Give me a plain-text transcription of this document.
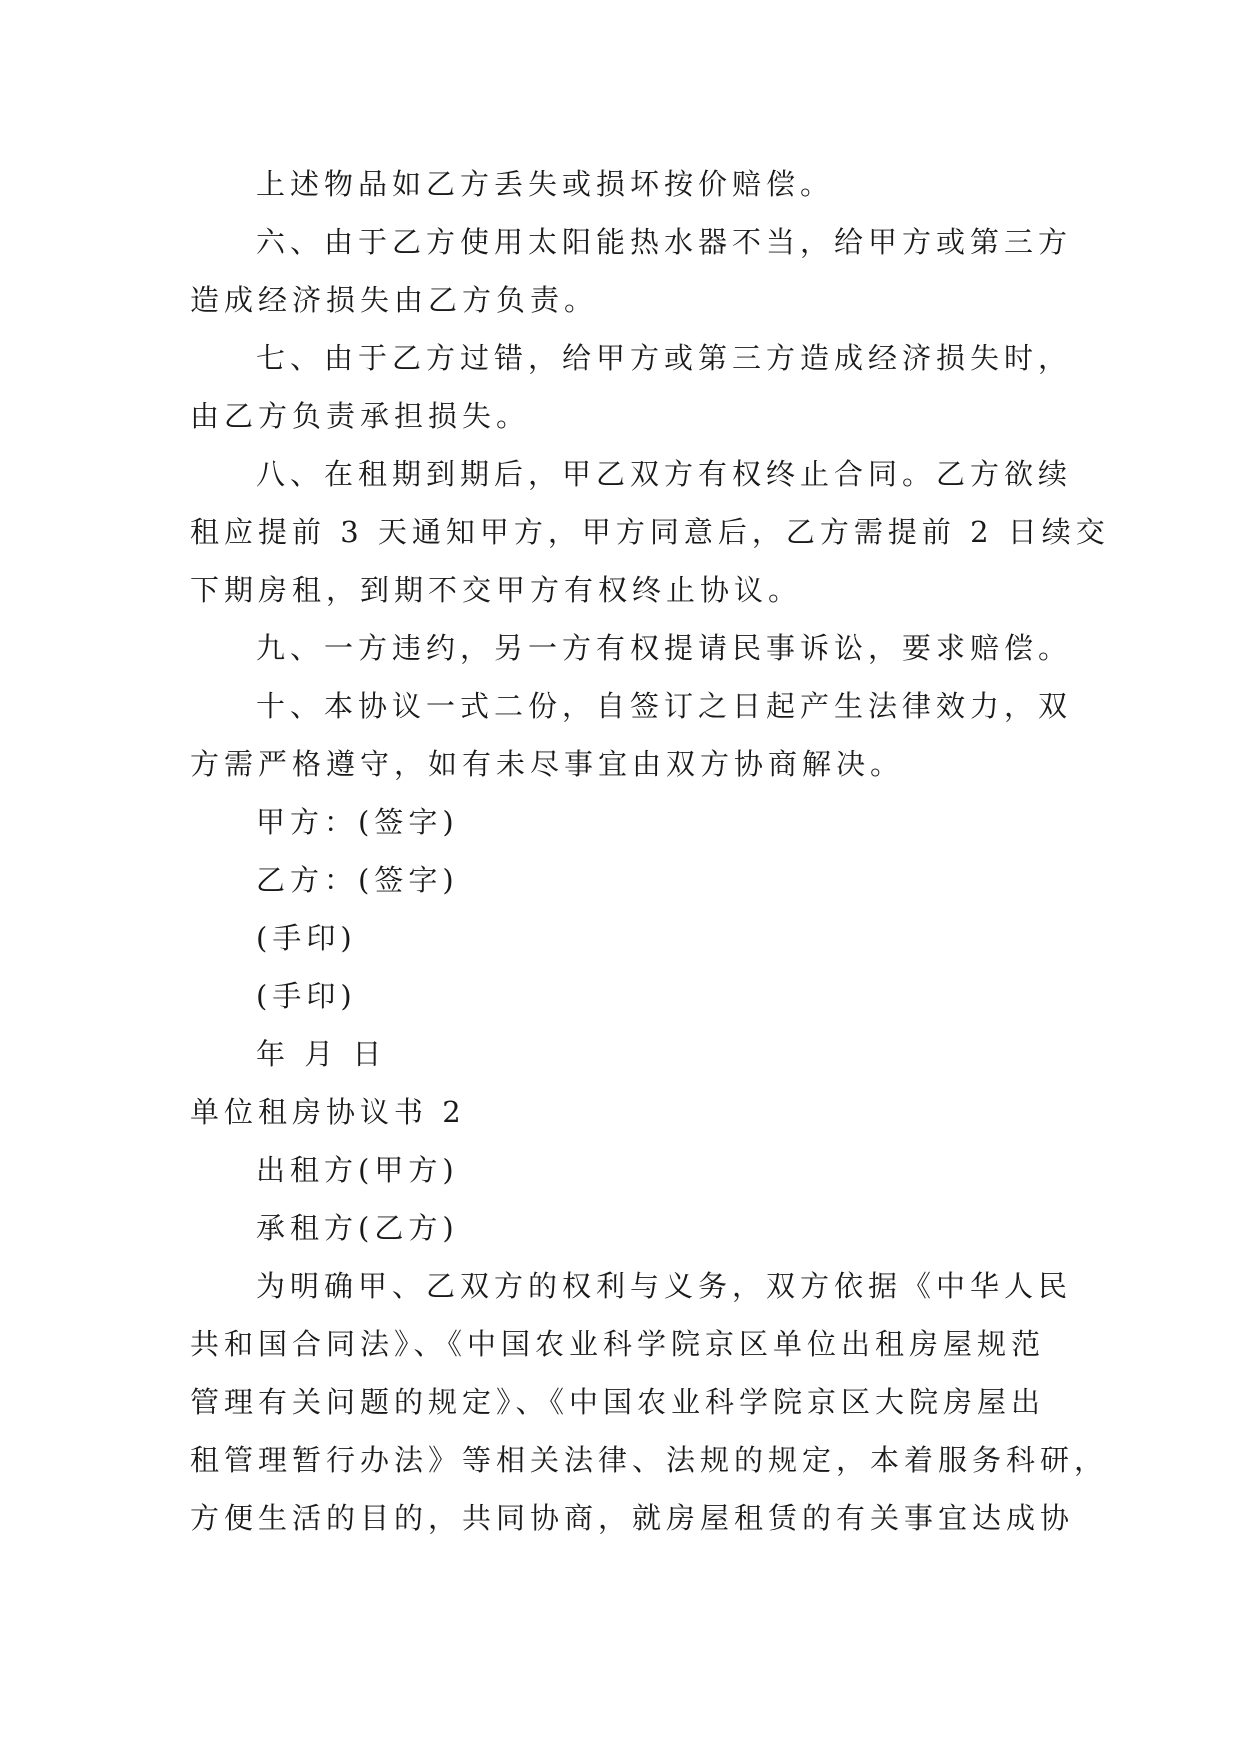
上述物品如乙方丢失或损坏按价赔偿。

六、由于乙方使用太阳能热水器不当，给甲方或第三方

造成经济损失由乙方负责。

七、由于乙方过错，给甲方或第三方造成经济损失时，

由乙方负责承担损失。

八、在租期到期后，甲乙双方有权终止合同。乙方欲续

租应提前 3 天通知甲方，甲方同意后，乙方需提前 2 日续交

下期房租，到期不交甲方有权终止协议。

九、一方违约，另一方有权提请民事诉讼，要求赔偿。

十、本协议一式二份，自签订之日起产生法律效力，双

方需严格遵守，如有未尽事宜由双方协商解决。

甲方：(签字)

乙方：(签字)

(手印)

(手印)

年 月 日

单位租房协议书 2

出租方(甲方)

承租方(乙方)

为明确甲、乙双方的权利与义务，双方依据《中华人民

共和国合同法》、《中国农业科学院京区单位出租房屋规范

管理有关问题的规定》、《中国农业科学院京区大院房屋出

租管理暂行办法》等相关法律、法规的规定，本着服务科研，

方便生活的目的，共同协商，就房屋租赁的有关事宜达成协
